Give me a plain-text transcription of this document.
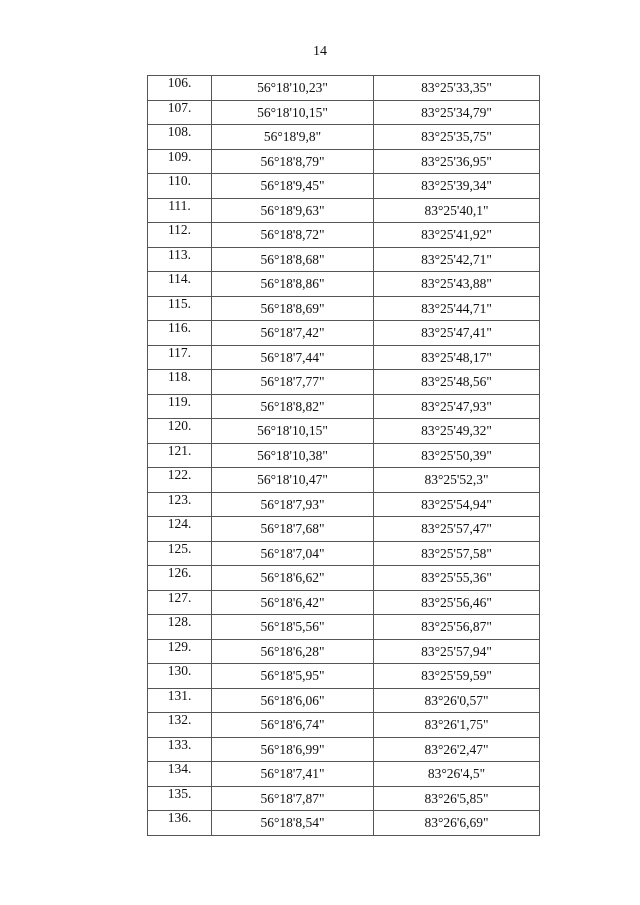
14
106.	56°18'10,23"	83°25'33,35"
107.	56°18'10,15"	83°25'34,79"
108.	56°18'9,8"	83°25'35,75"
109.	56°18'8,79"	83°25'36,95"
110.	56°18'9,45"	83°25'39,34"
111.	56°18'9,63"	83°25'40,1"
112.	56°18'8,72"	83°25'41,92"
113.	56°18'8,68"	83°25'42,71"
114.	56°18'8,86"	83°25'43,88"
115.	56°18'8,69"	83°25'44,71"
116.	56°18'7,42"	83°25'47,41"
117.	56°18'7,44"	83°25'48,17"
118.	56°18'7,77"	83°25'48,56"
119.	56°18'8,82"	83°25'47,93"
120.	56°18'10,15"	83°25'49,32"
121.	56°18'10,38"	83°25'50,39"
122.	56°18'10,47"	83°25'52,3"
123.	56°18'7,93"	83°25'54,94"
124.	56°18'7,68"	83°25'57,47"
125.	56°18'7,04"	83°25'57,58"
126.	56°18'6,62"	83°25'55,36"
127.	56°18'6,42"	83°25'56,46"
128.	56°18'5,56"	83°25'56,87"
129.	56°18'6,28"	83°25'57,94"
130.	56°18'5,95"	83°25'59,59"
131.	56°18'6,06"	83°26'0,57"
132.	56°18'6,74"	83°26'1,75"
133.	56°18'6,99"	83°26'2,47"
134.	56°18'7,41"	83°26'4,5"
135.	56°18'7,87"	83°26'5,85"
136.	56°18'8,54"	83°26'6,69"
